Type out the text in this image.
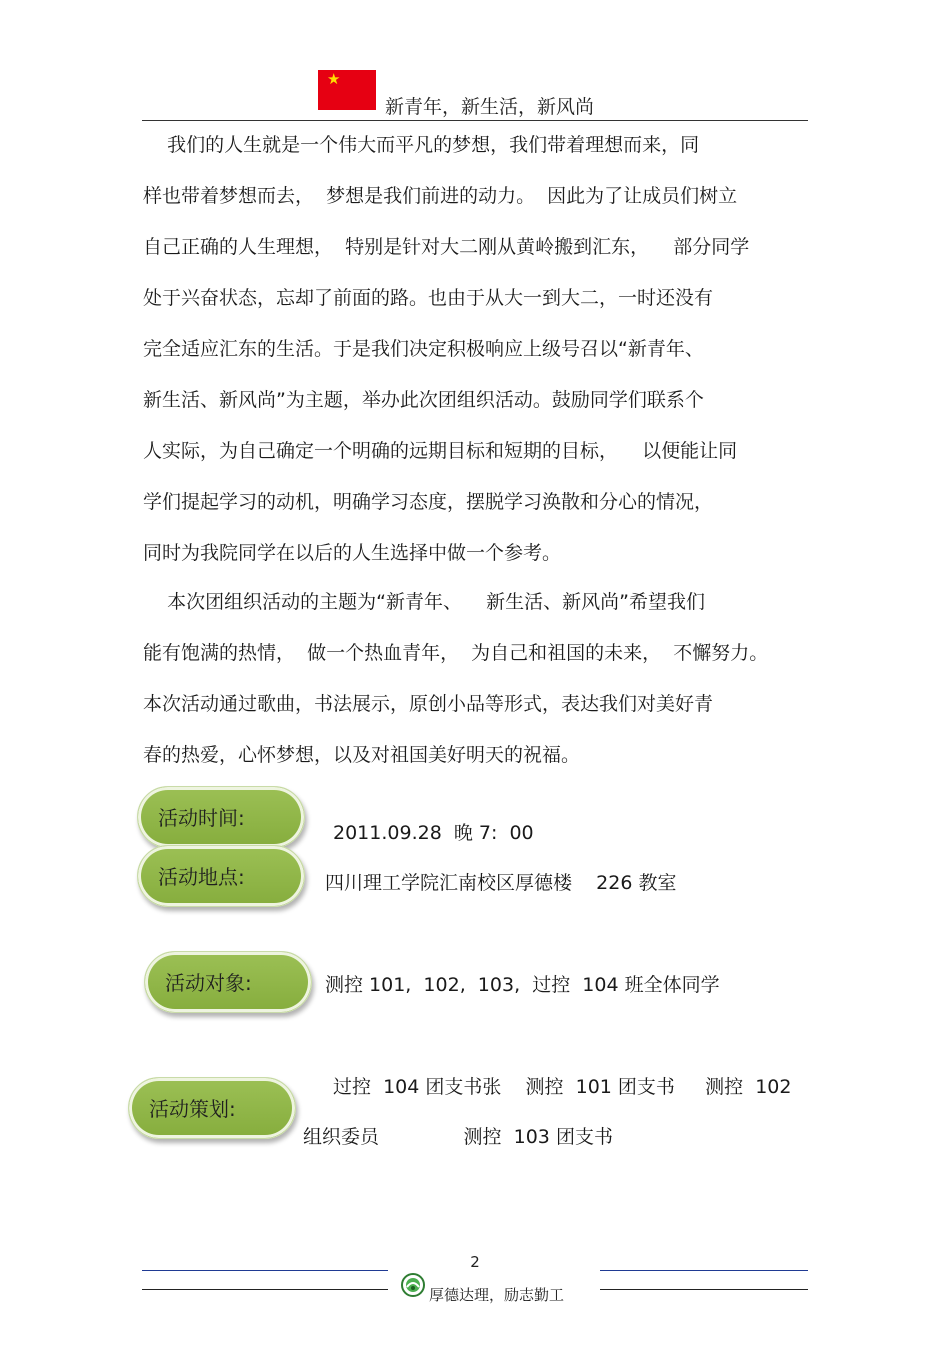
★
新青年，新生活，新风尚
我们的人生就是一个伟大而平凡的梦想，我们带着理想而来，同
样也带着梦想而去，  梦想是我们前进的动力。  因此为了让成员们树立
自己正确的人生理想，  特别是针对大二刚从黄岭搬到汇东，    部分同学
处于兴奋状态，忘却了前面的路。也由于从大一到大二，一时还没有
完全适应汇东的生活。于是我们决定积极响应上级号召以“新青年、
新生活、新风尚”为主题，举办此次团组织活动。鼓励同学们联系个
人实际，为自己确定一个明确的远期目标和短期的目标，    以便能让同
学们提起学习的动机，明确学习态度，摆脱学习涣散和分心的情况，
同时为我院同学在以后的人生选择中做一个参考。
本次团组织活动的主题为“新青年、    新生活、新风尚”希望我们
能有饱满的热情，  做一个热血青年，  为自己和祖国的未来，  不懈努力。
本次活动通过歌曲，书法展示，原创小品等形式，表达我们对美好青
春的热爱，心怀梦想，以及对祖国美好明天的祝福。
活动时间:
2011.09.28  晚 7:  00
活动地点:	四川理工学院汇南校区厚德楼    226 教室
活动对象:	测控 101,  102,  103,  过控  104 班全体同学
活动策划:
过控  104 团支书张    测控  101 团支书     测控  102
组织委员              测控  103 团支书
2
厚德达理，励志勤工
